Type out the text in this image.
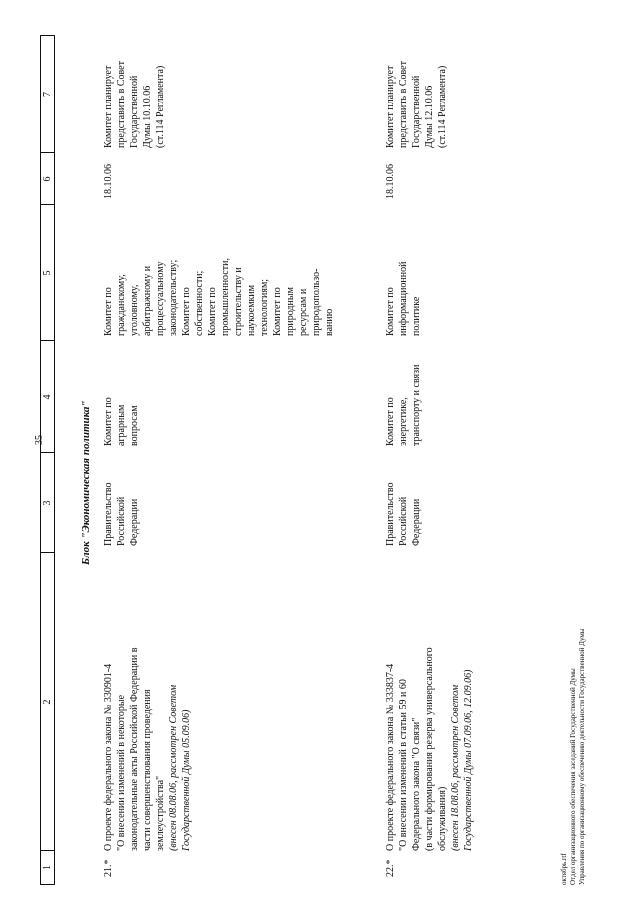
35
1
2
3
4
5
6
7
Блок "Экономическая политика"
21.*
О проекте федерального закона № 330901-4 "О внесении изменений в некоторые законодательные акты Российской Федерации в части совершенствования проведения землеустройства" (внесен 08.08.06, рассмотрен Советом Государственной Думы 05.09.06)
Правительство Российской Федерации
Комитет по аграрным вопросам
Комитет по гражданскому, уголовному, арбитражному и процессуальному законодательству; Комитет по собственности; Комитет по промышленности, строительству и наукоемким технологиям; Комитет по природным ресурсам и природопользо- ванию
18.10.06
Комитет планирует представить в Совет Государственной Думы 10.10.06 (ст.114 Регламента)
22.*
О проекте федерального закона № 333837-4 "О внесении изменений в статьи 59 и 60 Федерального закона "О связи" (в части формирования резерва универсального обслуживания) (внесен 18.08.06, рассмотрен Советом Государственной Думы 07.09.06, 12.09.06)
Правительство Российской Федерации
Комитет по энергетике, транспорту и связи
Комитет по информационной политике
18.10.06
Комитет планирует представить в Совет Государственной Думы 12.10.06 (ст.114 Регламента)
октябрь.rtf Отдел организационного обеспечения заседаний Государственной Думы Управления по организационному обеспечению деятельности Государственной Думы
